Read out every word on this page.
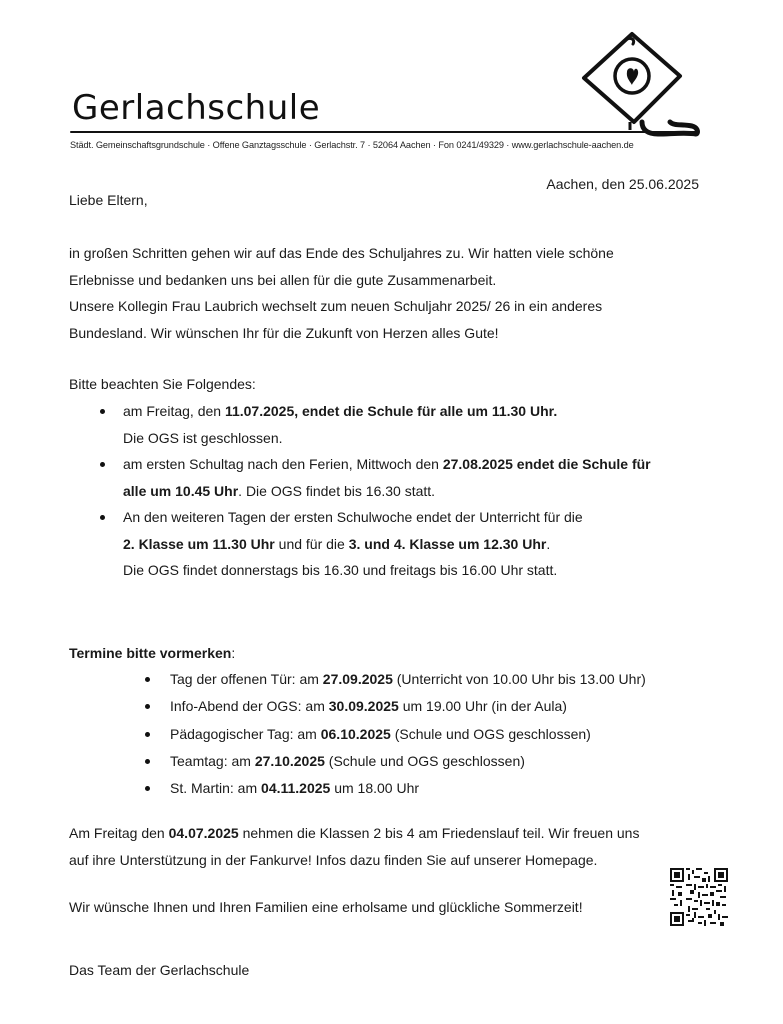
Gerlachschule
Städt. Gemeinschaftsgrundschule · Offene Ganztagsschule · Gerlachstr. 7 · 52064 Aachen · Fon 0241/49329 · www.gerlachschule-aachen.de
Aachen, den 25.06.2025
Liebe Eltern,

in großen Schritten gehen wir auf das Ende des Schuljahres zu. Wir hatten viele schöne

Erlebnisse und bedanken uns bei allen für die gute Zusammenarbeit.

Unsere Kollegin Frau Laubrich wechselt zum neuen Schuljahr 2025/ 26 in ein anderes

Bundesland. Wir wünschen Ihr für die Zukunft von Herzen alles Gute!

Bitte beachten Sie Folgendes:
am Freitag, den 11.07.2025, endet die Schule für alle um 11.30 Uhr.
Die OGS ist geschlossen.
am ersten Schultag nach den Ferien, Mittwoch den 27.08.2025 endet die Schule für
alle um 10.45 Uhr. Die OGS findet bis 16.30 statt.
An den weiteren Tagen der ersten Schulwoche endet der Unterricht für die
2. Klasse um 11.30 Uhr und für die 3. und 4. Klasse um 12.30 Uhr.
Die OGS findet donnerstags bis 16.30 und freitags bis 16.00 Uhr statt.
Termine bitte vormerken:
Tag der offenen Tür: am 27.09.2025 (Unterricht von 10.00 Uhr bis 13.00 Uhr)
Info-Abend der OGS: am 30.09.2025 um 19.00 Uhr (in der Aula)
Pädagogischer Tag: am 06.10.2025 (Schule und OGS geschlossen)
Teamtag: am 27.10.2025 (Schule und OGS geschlossen)
St. Martin: am 04.11.2025 um 18.00 Uhr

Am Freitag den 04.07.2025 nehmen die Klassen 2 bis 4 am Friedenslauf teil. Wir freuen uns

auf ihre Unterstützung in der Fankurve! Infos dazu finden Sie auf unserer Homepage.

Wir wünsche Ihnen und Ihren Familien eine erholsame und glückliche Sommerzeit!
Das Team der Gerlachschule
